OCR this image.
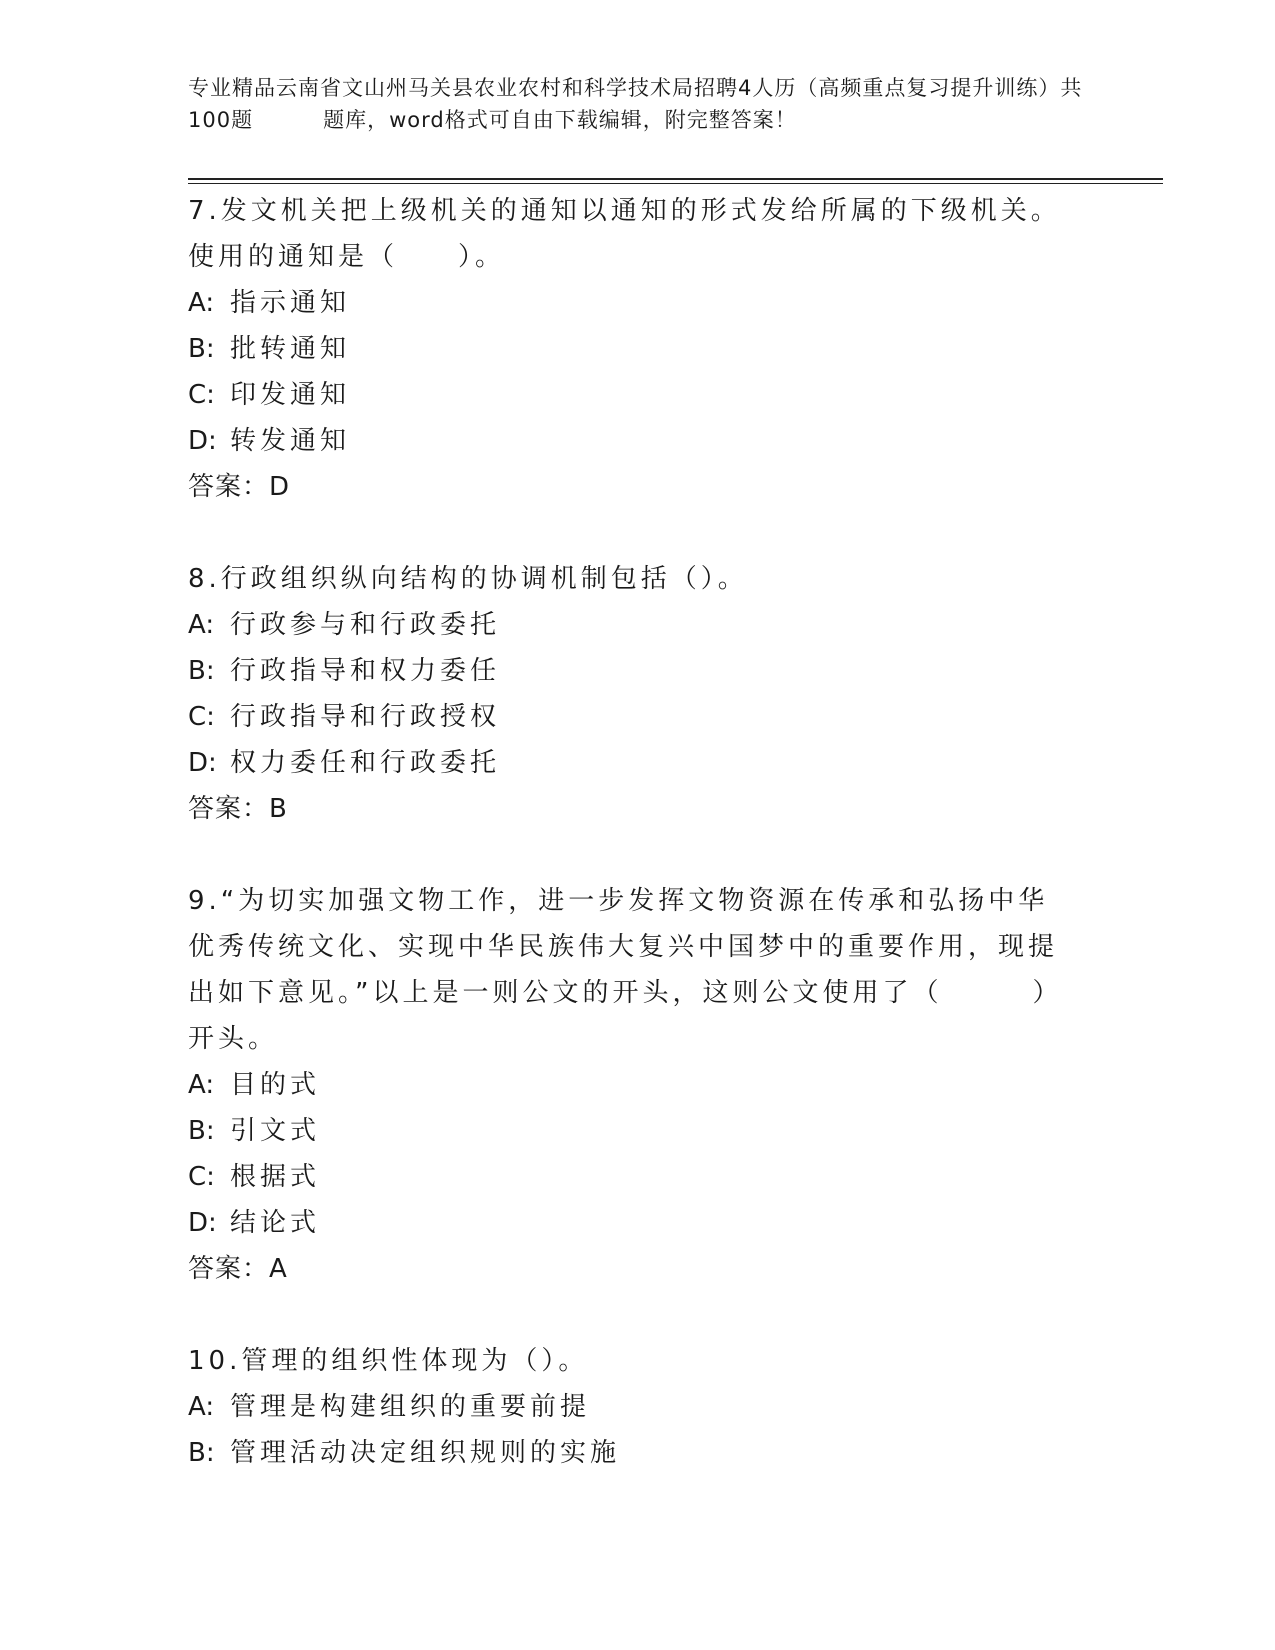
专业精品云南省文山州马关县农业农村和科学技术局招聘4人历（高频重点复习提升训练）共100题	题库，word格式可自由下载编辑，附完整答案！

7.发文机关把上级机关的通知以通知的形式发给所属的下级机关。使用的通知是（　　）。

A: 指示通知

B: 批转通知

C: 印发通知

D: 转发通知

答案：D

8.行政组织纵向结构的协调机制包括（）。

A: 行政参与和行政委托

B: 行政指导和权力委任

C: 行政指导和行政授权

D: 权力委任和行政委托

答案：B

9.“为切实加强文物工作，进一步发挥文物资源在传承和弘扬中华优秀传统文化、实现中华民族伟大复兴中国梦中的重要作用，现提出如下意见。”以上是一则公文的开头，这则公文使用了（　　　）开头。

A: 目的式

B: 引文式

C: 根据式

D: 结论式

答案：A

10.管理的组织性体现为（）。

A: 管理是构建组织的重要前提

B: 管理活动决定组织规则的实施
